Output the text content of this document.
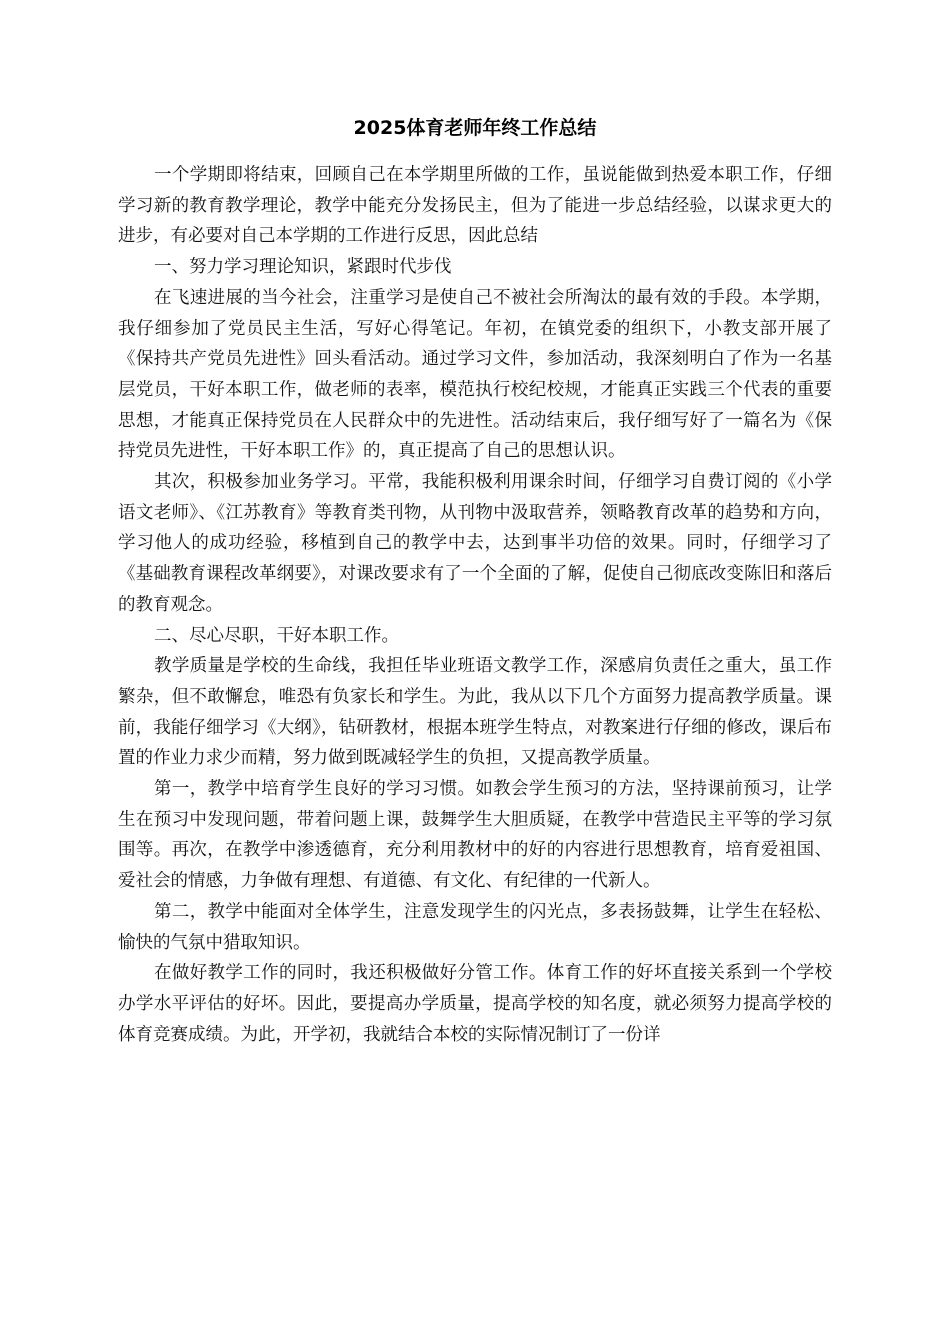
2025体育老师年终工作总结

一个学期即将结束，回顾自己在本学期里所做的工作，虽说能做到热爱本职工作，仔细学习新的教育教学理论，教学中能充分发扬民主，但为了能进一步总结经验，以谋求更大的进步，有必要对自己本学期的工作进行反思，因此总结

一、努力学习理论知识，紧跟时代步伐

在飞速进展的当今社会，注重学习是使自己不被社会所淘汰的最有效的手段。本学期，我仔细参加了党员民主生活，写好心得笔记。年初，在镇党委的组织下，小教支部开展了《保持共产党员先进性》回头看活动。通过学习文件，参加活动，我深刻明白了作为一名基层党员，干好本职工作，做老师的表率，模范执行校纪校规，才能真正实践三个代表的重要思想，才能真正保持党员在人民群众中的先进性。活动结束后，我仔细写好了一篇名为《保持党员先进性，干好本职工作》的，真正提高了自己的思想认识。

其次，积极参加业务学习。平常，我能积极利用课余时间，仔细学习自费订阅的《小学语文老师》、《江苏教育》等教育类刊物，从刊物中汲取营养，领略教育改革的趋势和方向，学习他人的成功经验，移植到自己的教学中去，达到事半功倍的效果。同时，仔细学习了《基础教育课程改革纲要》，对课改要求有了一个全面的了解，促使自己彻底改变陈旧和落后的教育观念。

二、尽心尽职，干好本职工作。

教学质量是学校的生命线，我担任毕业班语文教学工作，深感肩负责任之重大，虽工作繁杂，但不敢懈怠，唯恐有负家长和学生。为此，我从以下几个方面努力提高教学质量。课前，我能仔细学习《大纲》，钻研教材，根据本班学生特点，对教案进行仔细的修改，课后布置的作业力求少而精，努力做到既减轻学生的负担，又提高教学质量。

第一，教学中培育学生良好的学习习惯。如教会学生预习的方法，坚持课前预习，让学生在预习中发现问题，带着问题上课，鼓舞学生大胆质疑，在教学中营造民主平等的学习氛围等。再次，在教学中渗透德育，充分利用教材中的好的内容进行思想教育，培育爱祖国、爱社会的情感，力争做有理想、有道德、有文化、有纪律的一代新人。

第二，教学中能面对全体学生，注意发现学生的闪光点，多表扬鼓舞，让学生在轻松、愉快的气氛中猎取知识。

在做好教学工作的同时，我还积极做好分管工作。体育工作的好坏直接关系到一个学校办学水平评估的好坏。因此，要提高办学质量，提高学校的知名度，就必须努力提高学校的体育竞赛成绩。为此，开学初，我就结合本校的实际情况制订了一份详
